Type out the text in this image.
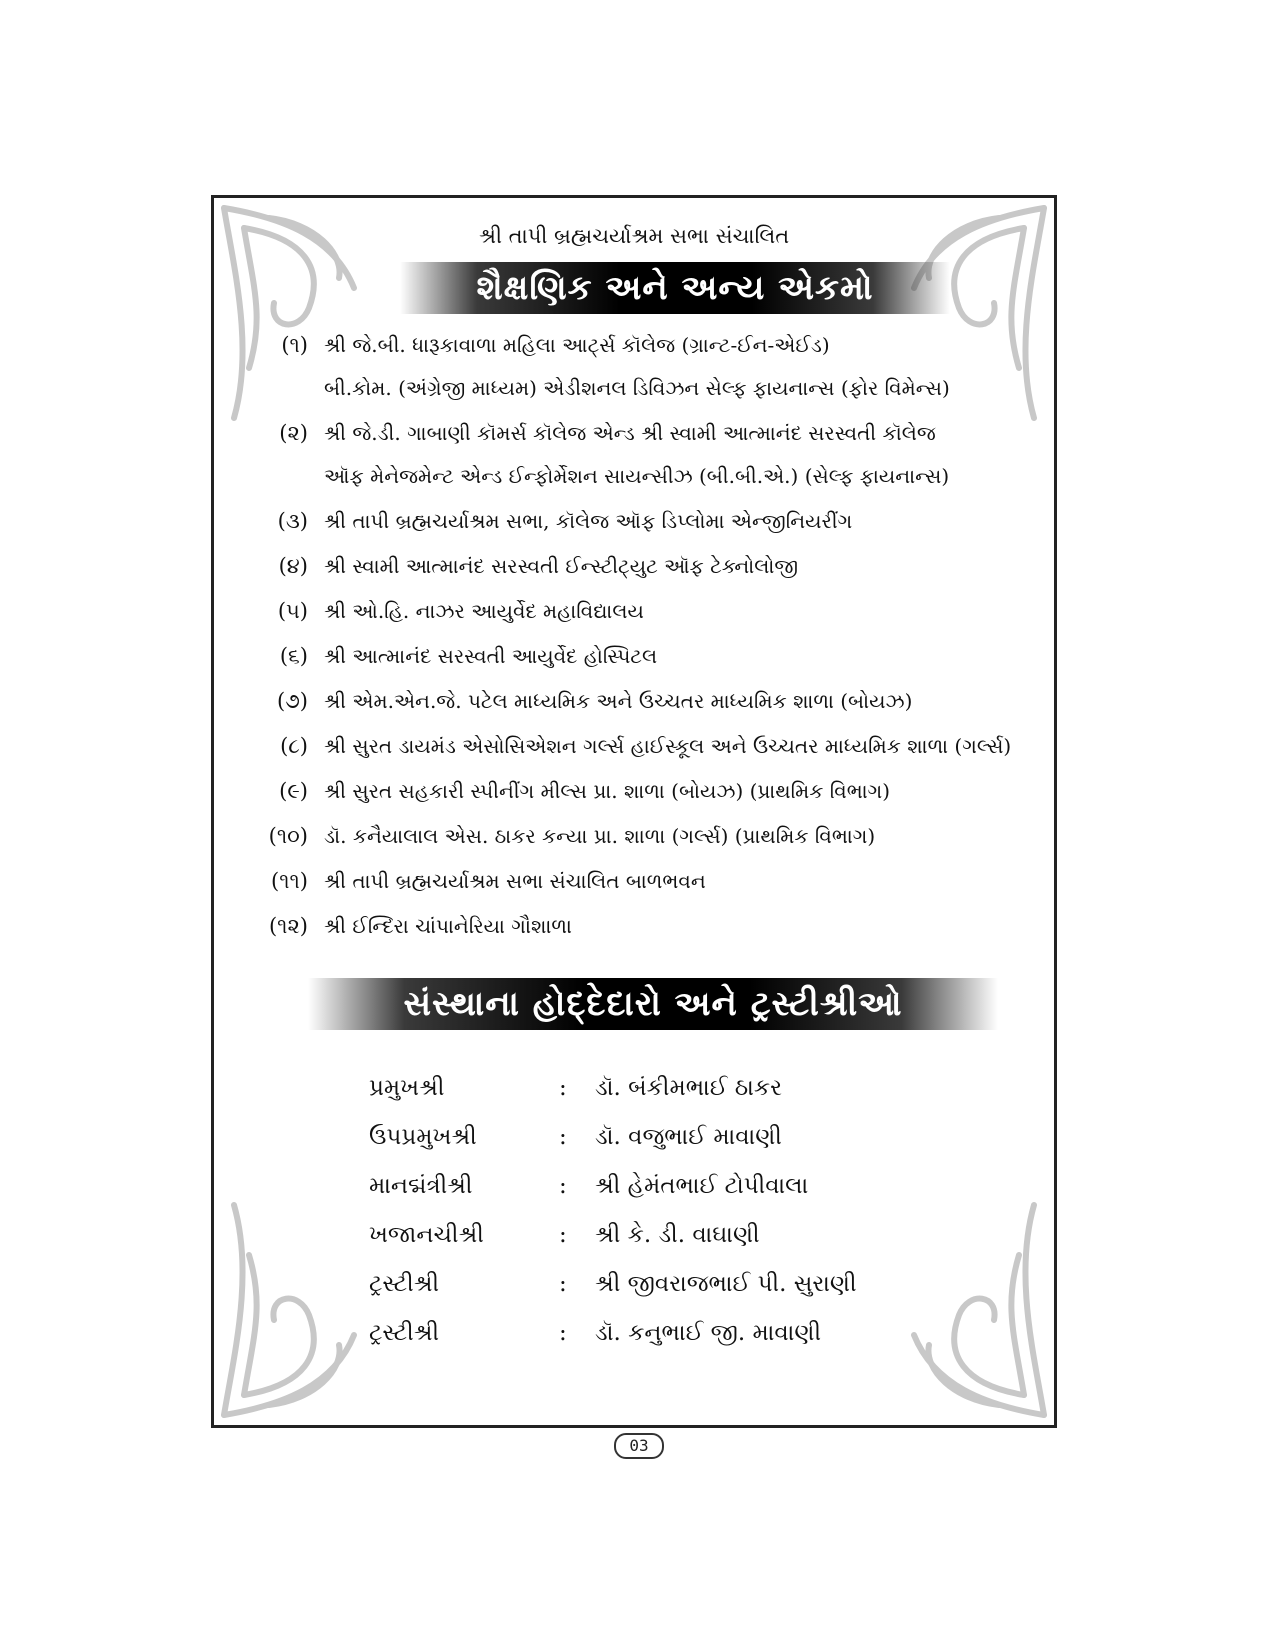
શ્રી તાપી બ્રહ્મચર્યાશ્રમ સભા સંચાલિત
શૈક્ષણિક અને અન્ય એકમો
(૧) શ્રી જે.બી. ધારૂકાવાળા મહિલા આર્ટ્સ કૉલેજ (ગ્રાન્ટ-ઈન-એઈડ)
બી.કોમ. (અંગ્રેજી માધ્યમ) એડીશનલ ડિવિઝન સેલ્ફ ફાયનાન્સ (ફોર વિમેન્સ)
(૨) શ્રી જે.ડી. ગાબાણી કૉમર્સ કૉલેજ એન્ડ શ્રી સ્વામી આત્માનંદ સરસ્વતી કૉલેજ
ઑફ મેનેજમેન્ટ એન્ડ ઈન્ફોર્મેશન સાયન્સીઝ (બી.બી.એ.) (સેલ્ફ ફાયનાન્સ)
(૩) શ્રી તાપી બ્રહ્મચર્યાશ્રમ સભા, કૉલેજ ઑફ ડિપ્લોમા એન્જીનિયરીંગ
(૪) શ્રી સ્વામી આત્માનંદ સરસ્વતી ઈન્સ્ટીટ્યુટ ઑફ ટેક્નોલોજી
(૫) શ્રી ઓ.હિ. નાઝર આયુર્વેદ મહાવિદ્યાલય
(૬) શ્રી આત્માનંદ સરસ્વતી આયુર્વેદ હોસ્પિટલ
(૭) શ્રી એમ.એન.જે. પટેલ માધ્યમિક અને ઉચ્ચતર માધ્યમિક શાળા (બોયઝ)
(૮) શ્રી સુરત ડાયમંડ એસોસિએશન ગર્લ્સ હાઈસ્કૂલ અને ઉચ્ચતર માધ્યમિક શાળા (ગર્લ્સ)
(૯) શ્રી સુરત સહકારી સ્પીનીંગ મીલ્સ પ્રા. શાળા (બોયઝ) (પ્રાથમિક વિભાગ)
(૧૦) ડૉ. કનૈયાલાલ એસ. ઠાકર કન્યા પ્રા. શાળા (ગર્લ્સ) (પ્રાથમિક વિભાગ)
(૧૧) શ્રી તાપી બ્રહ્મચર્યાશ્રમ સભા સંચાલિત બાળભવન
(૧૨) શ્રી ઈન્દિરા ચાંપાનેરિયા ગૌશાળા
સંસ્થાના હોદ્દેદારો અને ટ્રસ્ટીશ્રીઓ
પ્રમુખશ્રી	:	ડૉ. બંકીમભાઈ ઠાકર
ઉપપ્રમુખશ્રી	:	ડૉ. વજુભાઈ માવાણી
માનદ્મંત્રીશ્રી	:	શ્રી હેમંતભાઈ ટોપીવાલા
ખજાનચીશ્રી	:	શ્રી કે. ડી. વાઘાણી
ટ્રસ્ટીશ્રી	:	શ્રી જીવરાજભાઈ પી. સુરાણી
ટ્રસ્ટીશ્રી	:	ડૉ. કનુભાઈ જી. માવાણી
03
